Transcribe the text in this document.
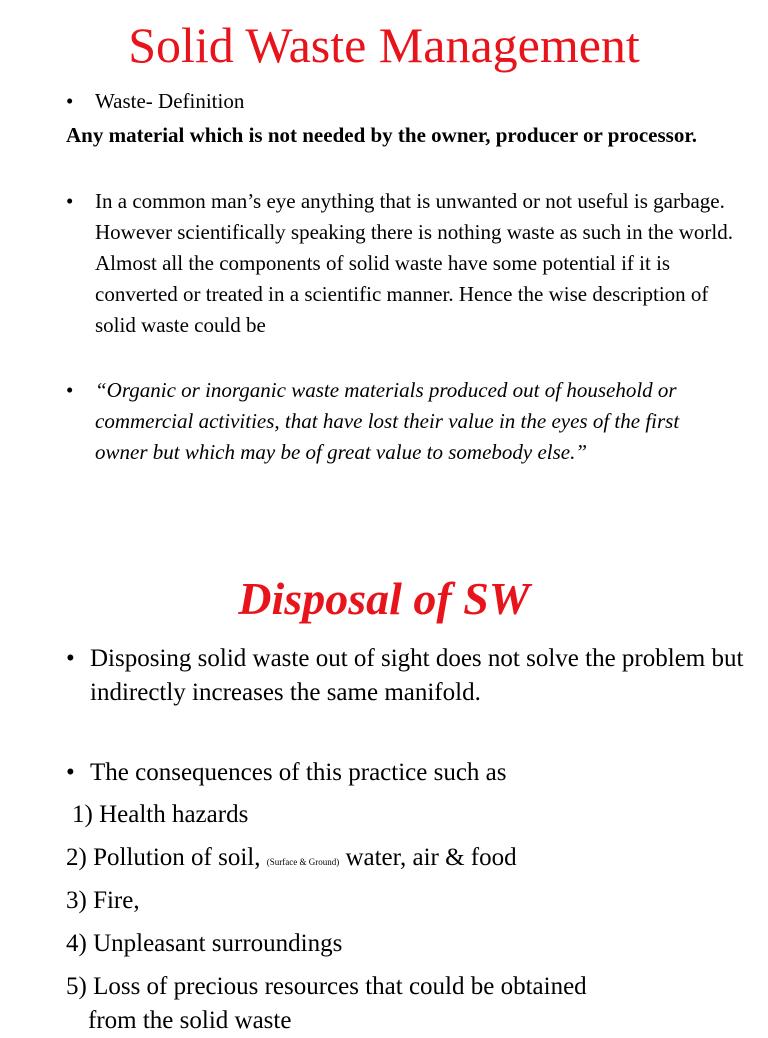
Solid Waste Management
• Waste- Definition

Any material which is not needed by the owner, producer or processor.

• In a common man’s eye anything that is unwanted or not useful is garbage. However scientifically speaking there is nothing waste as such in the world. Almost all the components of solid waste have some potential if it is converted or treated in a scientific manner. Hence the wise description of solid waste could be

• “Organic or inorganic waste materials produced out of household or commercial activities, that have lost their value in the eyes of the first owner but which may be of great value to somebody else.”

Disposal of SW
• Disposing solid waste out of sight does not solve the problem but indirectly increases the same manifold.

• The consequences of this practice such as

1) Health hazards

2) Pollution of soil, (Surface & Ground) water, air & food

3) Fire,

4) Unpleasant surroundings

5) Loss of precious resources that could be obtained

from the solid waste
